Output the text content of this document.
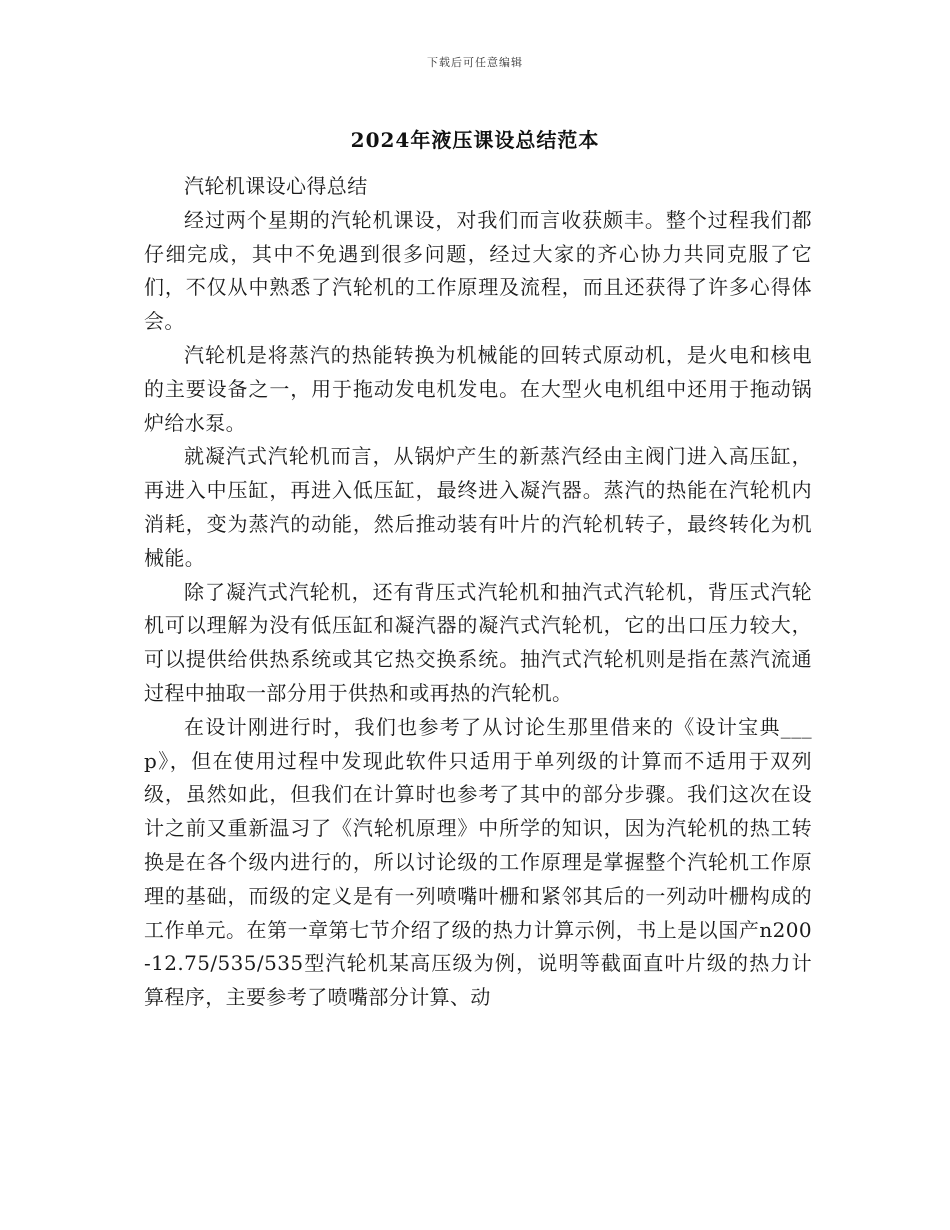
下载后可任意编辑
2024年液压课设总结范本

汽轮机课设心得总结

经过两个星期的汽轮机课设，对我们而言收获颇丰。整个过程我们都仔细完成，其中不免遇到很多问题，经过大家的齐心协力共同克服了它们，不仅从中熟悉了汽轮机的工作原理及流程，而且还获得了许多心得体会。

汽轮机是将蒸汽的热能转换为机械能的回转式原动机，是火电和核电的主要设备之一，用于拖动发电机发电。在大型火电机组中还用于拖动锅炉给水泵。

就凝汽式汽轮机而言，从锅炉产生的新蒸汽经由主阀门进入高压缸，再进入中压缸，再进入低压缸，最终进入凝汽器。蒸汽的热能在汽轮机内消耗，变为蒸汽的动能，然后推动装有叶片的汽轮机转子，最终转化为机械能。

除了凝汽式汽轮机，还有背压式汽轮机和抽汽式汽轮机，背压式汽轮机可以理解为没有低压缸和凝汽器的凝汽式汽轮机，它的出口压力较大，可以提供给供热系统或其它热交换系统。抽汽式汽轮机则是指在蒸汽流通过程中抽取一部分用于供热和或再热的汽轮机。

在设计刚进行时，我们也参考了从讨论生那里借来的《设计宝典___p》，但在使用过程中发现此软件只适用于单列级的计算而不适用于双列级，虽然如此，但我们在计算时也参考了其中的部分步骤。我们这次在设计之前又重新温习了《汽轮机原理》中所学的知识，因为汽轮机的热工转换是在各个级内进行的，所以讨论级的工作原理是掌握整个汽轮机工作原理的基础，而级的定义是有一列喷嘴叶栅和紧邻其后的一列动叶栅构成的工作单元。在第一章第七节介绍了级的热力计算示例，书上是以国产n200-12.75/535/535型汽轮机某高压级为例，说明等截面直叶片级的热力计算程序，主要参考了喷嘴部分计算、动
